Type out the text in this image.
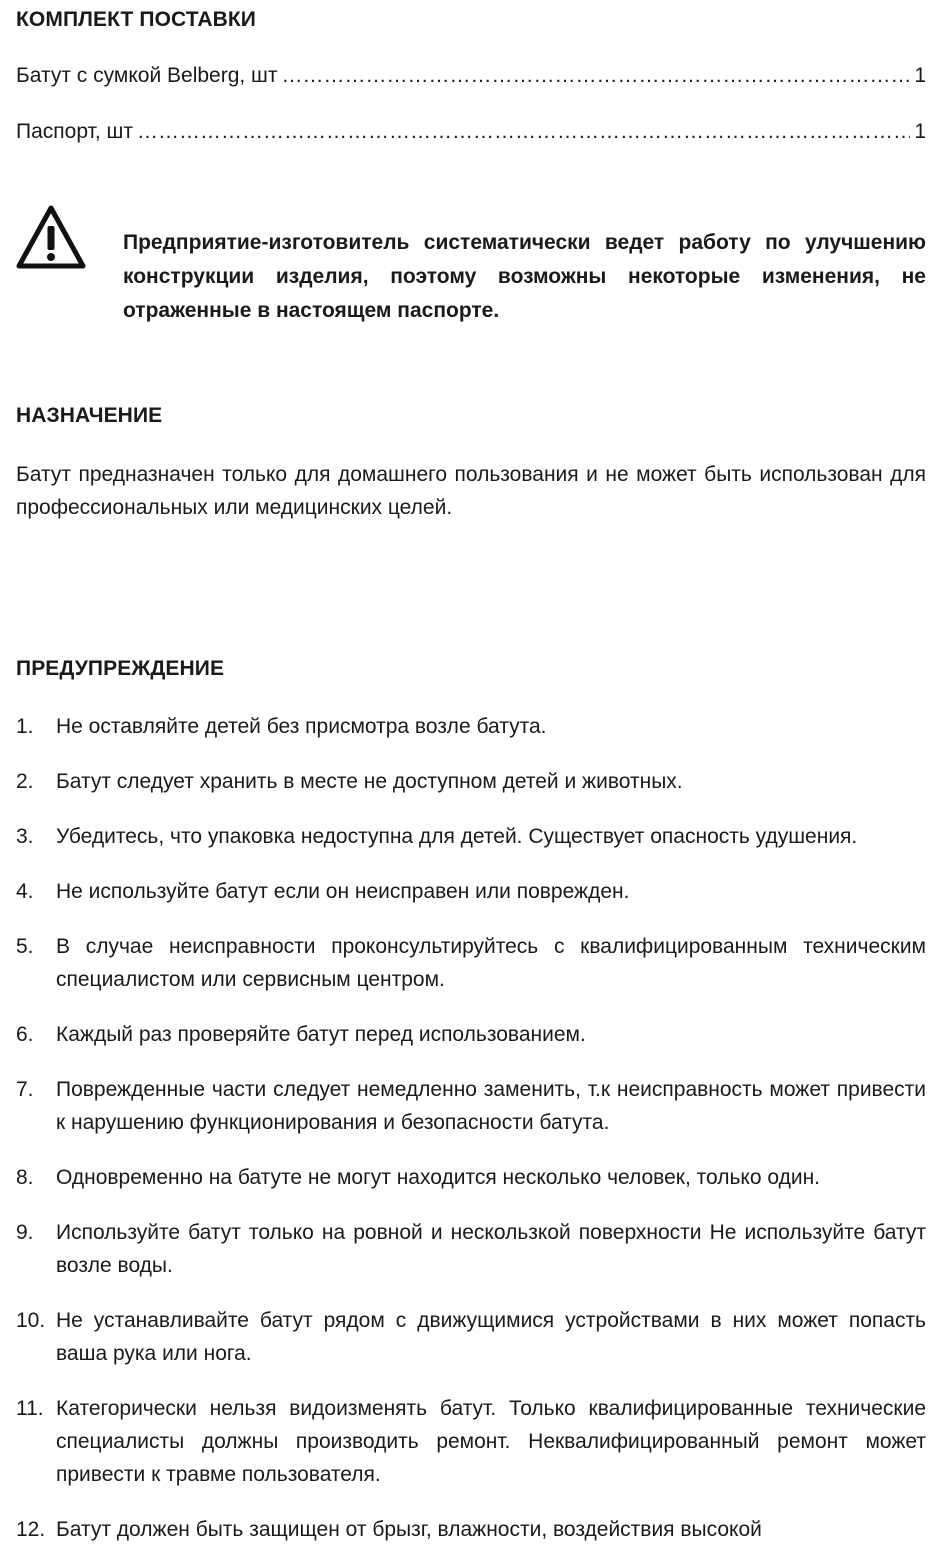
КОМПЛЕКТ ПОСТАВКИ
Батут с сумкой Belberg, шт ……………………………………………………………………………………………………………………………………………………………………………………………………	1
Паспорт, шт ……………………………………………………………………………………………………………………………………………………………………………………………………	1
Предприятие-изготовитель систематически ведет работу по улучшению конструкции изделия, поэтому возможны некоторые изменения, не отраженные в настоящем паспорте.
НАЗНАЧЕНИЕ
Батут предназначен только для домашнего пользования и не может быть использован для профессиональных или медицинских целей.
ПРЕДУПРЕЖДЕНИЕ
1. Не оставляйте детей без присмотра возле батута.
2. Батут следует хранить в месте не доступном детей и животных.
3. Убедитесь, что упаковка недоступна для детей. Существует опасность удушения.
4. Не используйте батут если он неисправен или поврежден.
5. В случае неисправности проконсультируйтесь с квалифицированным техническим специалистом или сервисным центром.
6. Каждый раз проверяйте батут перед использованием.
7. Поврежденные части следует немедленно заменить, т.к неисправность может привести к нарушению функционирования и безопасности батута.
8. Одновременно на батуте не могут находится несколько человек, только один.
9. Используйте батут только на ровной и нескользкой поверхности Не используйте батут возле воды.
10. Не устанавливайте батут рядом с движущимися устройствами в них может попасть ваша рука или нога.
11. Категорически нельзя видоизменять батут. Только квалифицированные технические специалисты должны производить ремонт. Неквалифицированный ремонт может привести к травме пользователя.
12. Батут должен быть защищен от брызг, влажности, воздействия высокой
